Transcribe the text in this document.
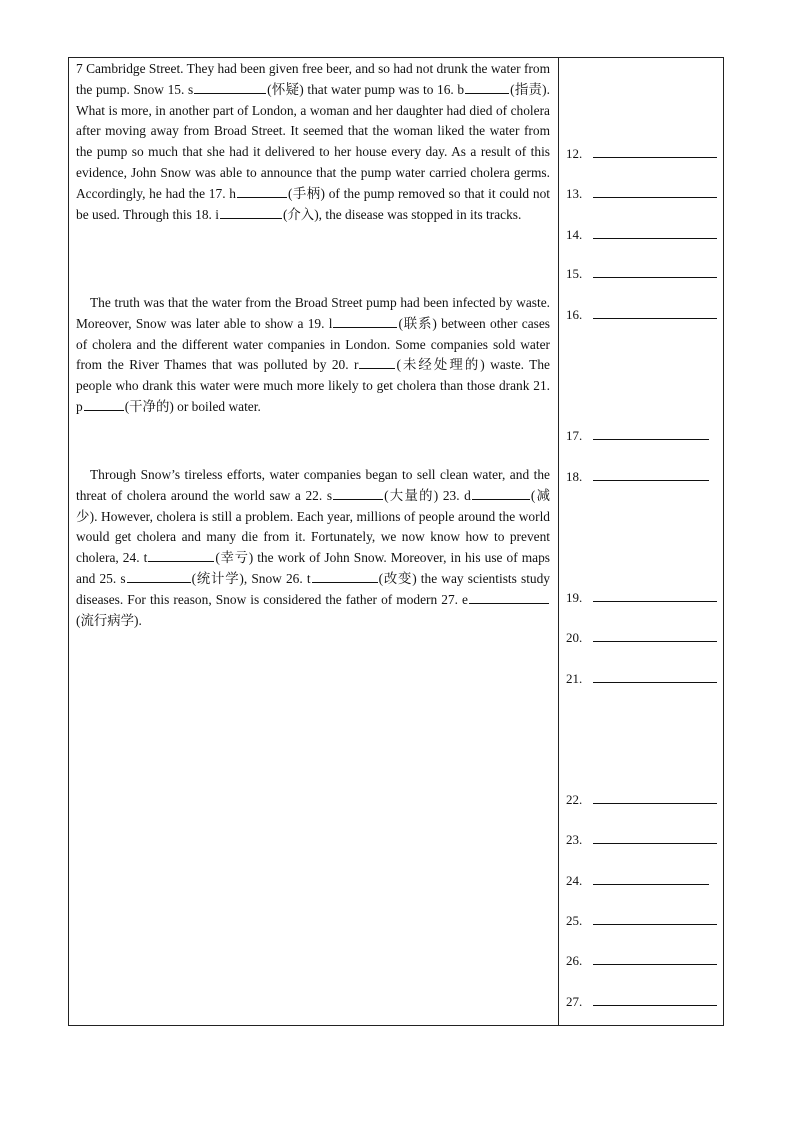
7 Cambridge Street. They had been given free beer, and so had not drunk the water from the pump. Snow 15. s	(怀疑) that water pump was to 16. b	(指责). What is more, in another part of London, a woman and her daughter had died of cholera after moving away from Broad Street. It seemed that the woman liked the water from the pump so much that she had it delivered to her house every day. As a result of this evidence, John Snow was able to announce that the pump water carried cholera germs. Accordingly, he had the 17. h	(手柄) of the pump removed so that it could not be used. Through this 18. i	(介入), the disease was stopped in its tracks.

The truth was that the water from the Broad Street pump had been infected by waste. Moreover, Snow was later able to show a 19. l	(联系) between other cases of cholera and the different water companies in London. Some companies sold water from the River Thames that was polluted by 20. r	(未经处理的) waste. The people who drank this water were much more likely to get cholera than those drank 21. p	(干净的) or boiled water.

Through Snow’s tireless efforts, water companies began to sell clean water, and the threat of cholera around the world saw a 22. s	(大量的) 23. d	(减少). However, cholera is still a problem. Each year, millions of people around the world would get cholera and many die from it. Fortunately, we now know how to prevent cholera, 24. t	(幸亏) the work of John Snow. Moreover, in his use of maps and 25. s	(统计学), Snow 26. t	(改变) the way scientists study diseases. For this reason, Snow is considered the father of modern 27. e(流行病学).

12.
13.
14.
15.
16.
17.
18.
19.
20.
21.
22.
23.
24.
25.
26.
27.
